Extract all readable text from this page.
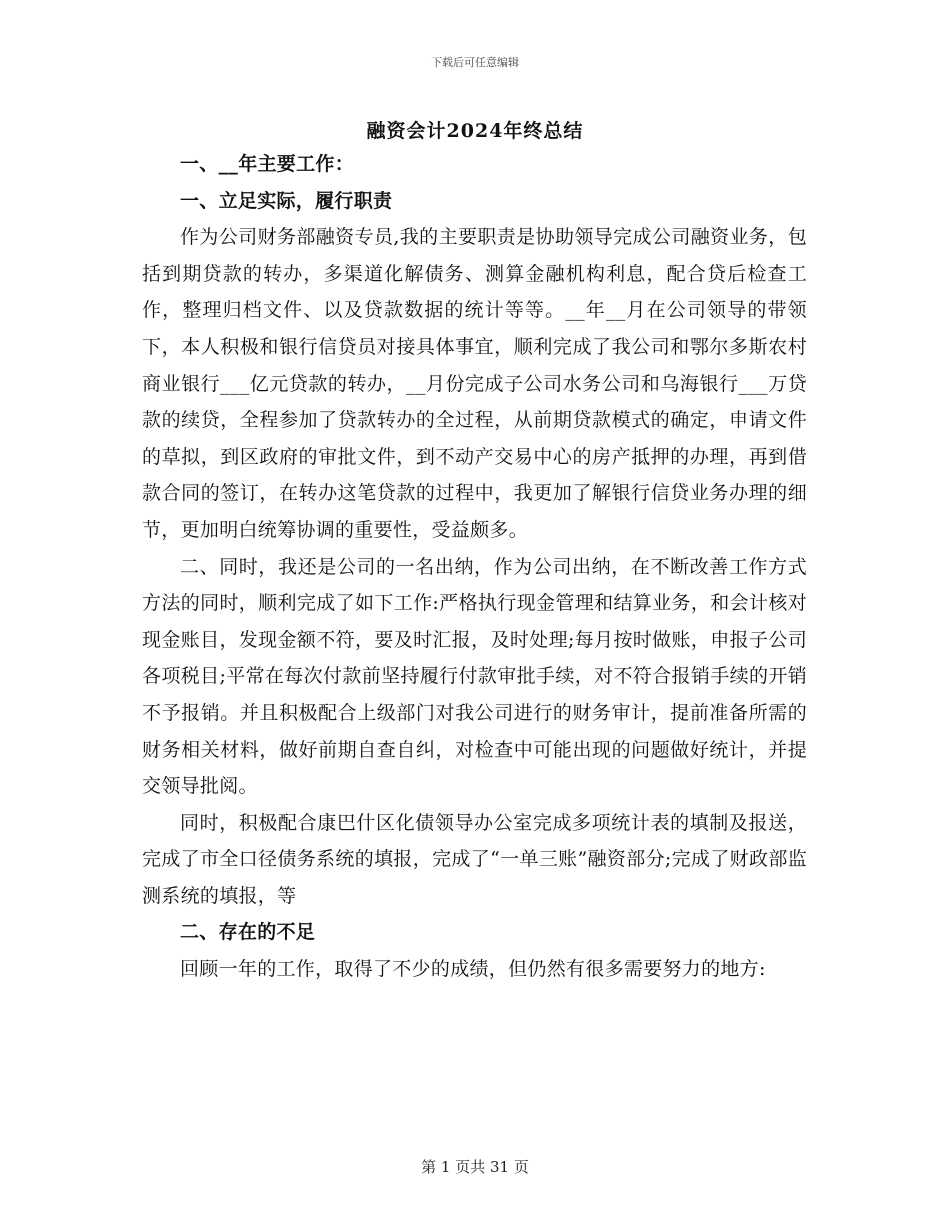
下载后可任意编辑
融资会计2024年终总结

一、__年主要工作：

一、立足实际，履行职责

作为公司财务部融资专员,我的主要职责是协助领导完成公司融资业务，包括到期贷款的转办，多渠道化解债务、测算金融机构利息，配合贷后检查工作，整理归档文件、以及贷款数据的统计等等。__年__月在公司领导的带领下，本人积极和银行信贷员对接具体事宜，顺利完成了我公司和鄂尔多斯农村商业银行___亿元贷款的转办，__月份完成子公司水务公司和乌海银行___万贷款的续贷，全程参加了贷款转办的全过程，从前期贷款模式的确定，申请文件的草拟，到区政府的审批文件，到不动产交易中心的房产抵押的办理，再到借款合同的签订，在转办这笔贷款的过程中，我更加了解银行信贷业务办理的细节，更加明白统筹协调的重要性，受益颇多。

二、同时，我还是公司的一名出纳，作为公司出纳，在不断改善工作方式方法的同时，顺利完成了如下工作:严格执行现金管理和结算业务，和会计核对现金账目，发现金额不符，要及时汇报，及时处理;每月按时做账，申报子公司各项税目;平常在每次付款前坚持履行付款审批手续，对不符合报销手续的开销不予报销。并且积极配合上级部门对我公司进行的财务审计，提前准备所需的财务相关材料，做好前期自查自纠，对检查中可能出现的问题做好统计，并提交领导批阅。

同时，积极配合康巴什区化债领导办公室完成多项统计表的填制及报送，完成了市全口径债务系统的填报，完成了“一单三账”融资部分;完成了财政部监测系统的填报，等

二、存在的不足

回顾一年的工作，取得了不少的成绩，但仍然有很多需要努力的地方:

第 1 页共 31 页
